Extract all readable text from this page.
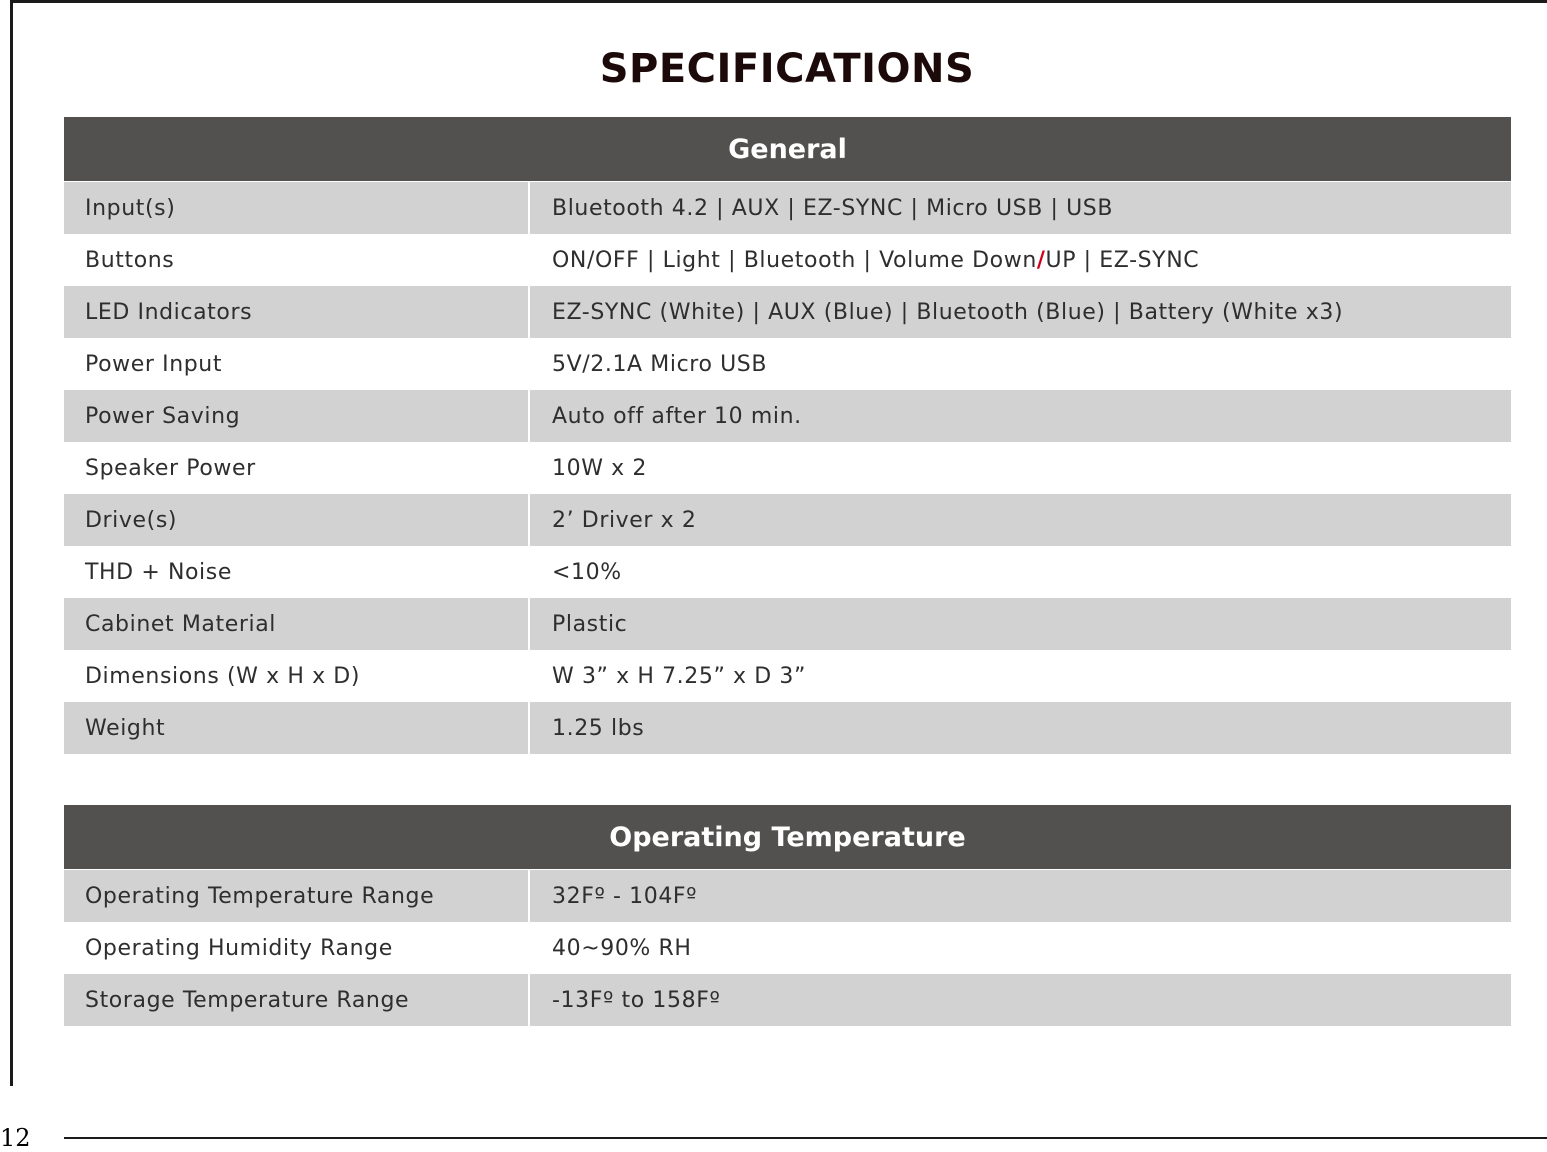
SPECIFICATIONS
General
Input(s)	Bluetooth 4.2 | AUX | EZ-SYNC | Micro USB | USB
Buttons	ON/OFF | Light | Bluetooth | Volume Down/UP | EZ-SYNC
LED Indicators	EZ-SYNC (White) | AUX (Blue) | Bluetooth (Blue) | Battery (White x3)
Power Input	5V/2.1A Micro USB
Power Saving	Auto off after 10 min.
Speaker Power	10W x 2
Drive(s)	2’ Driver x 2
THD + Noise	<10%
Cabinet Material	Plastic
Dimensions (W x H x D)	W 3” x H 7.25” x D 3”
Weight	1.25 lbs
Operating Temperature
Operating Temperature Range	32Fº - 104Fº
Operating Humidity Range	40~90% RH
Storage Temperature Range	-13Fº to 158Fº
12
